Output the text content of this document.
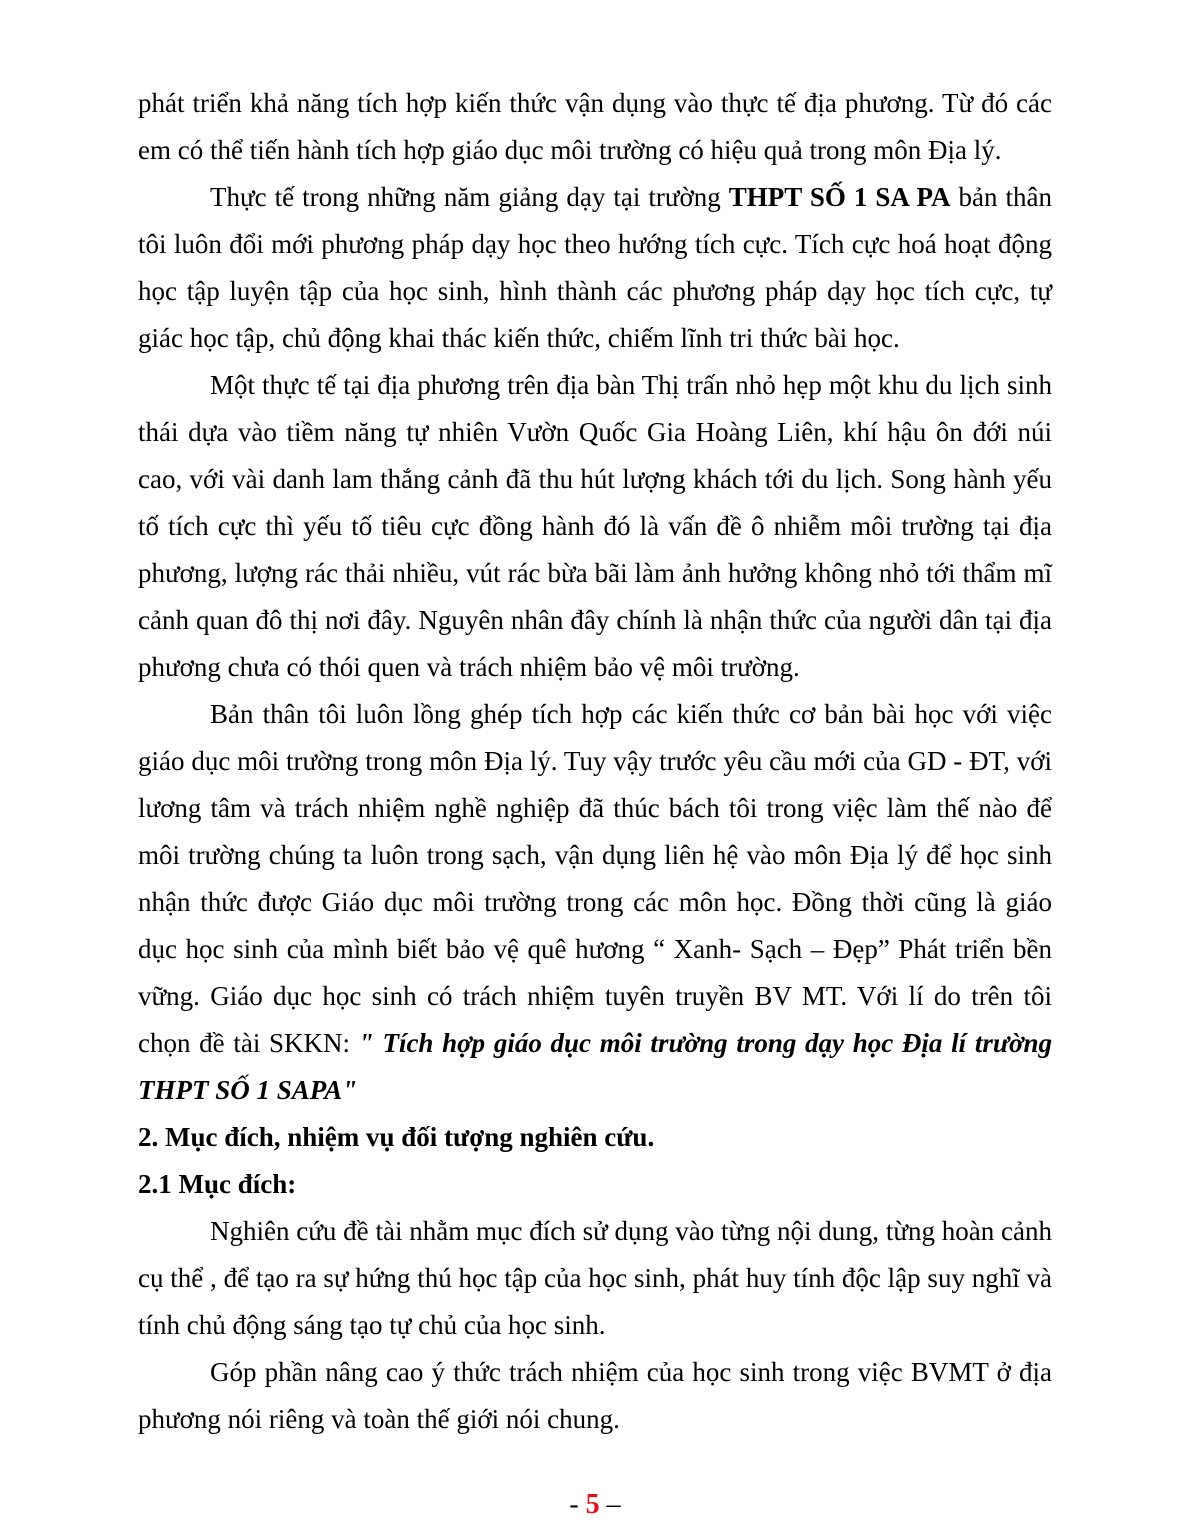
phát triển khả năng tích hợp kiến thức vận dụng vào thực tế địa phương. Từ đó các em có thể tiến hành tích hợp giáo dục môi trường có hiệu quả trong môn Địa lý.

Thực tế trong những năm giảng dạy tại trường THPT SỐ 1 SA PA bản thân tôi luôn đổi mới phương pháp dạy học theo hướng tích cực. Tích cực hoá hoạt động học tập luyện tập của học sinh, hình thành các phương pháp dạy học tích cực, tự giác học tập, chủ động khai thác kiến thức, chiếm lĩnh tri thức bài học.

Một thực tế tại địa phương trên địa bàn Thị trấn nhỏ hẹp một khu du lịch sinh thái dựa vào tiềm năng tự nhiên Vườn Quốc Gia Hoàng Liên, khí hậu ôn đới núi cao, với vài danh lam thắng cảnh đã thu hút lượng khách tới du lịch. Song hành yếu tố tích cực thì yếu tố tiêu cực đồng hành đó là vấn đề ô nhiễm môi trường tại địa phương, lượng rác thải nhiều, vút rác bừa bãi làm ảnh hưởng không nhỏ tới thẩm mĩ cảnh quan đô thị nơi đây. Nguyên nhân đây chính là nhận thức của người dân tại địa phương chưa có thói quen và trách nhiệm bảo vệ môi trường.

Bản thân tôi luôn lồng ghép tích hợp các kiến thức cơ bản bài học với việc giáo dục môi trường trong môn Địa lý. Tuy vậy trước yêu cầu mới của GD - ĐT, với lương tâm và trách nhiệm nghề nghiệp đã thúc bách tôi trong việc làm thế nào để môi trường chúng ta luôn trong sạch, vận dụng liên hệ vào môn Địa lý để học sinh nhận thức được Giáo dục môi trường trong các môn học. Đồng thời cũng là giáo dục học sinh của mình biết bảo vệ quê hương “ Xanh- Sạch – Đẹp” Phát triển bền vững. Giáo dục học sinh có trách nhiệm tuyên truyền BV MT. Với lí do trên tôi chọn đề tài SKKN: " Tích hợp giáo dục môi trường trong dạy học Địa lí trường THPT SỐ 1 SAPA"

2. Mục đích, nhiệm vụ đối tượng nghiên cứu.

2.1 Mục đích:

Nghiên cứu đề tài nhằm mục đích sử dụng vào từng nội dung, từng hoàn cảnh cụ thể , để tạo ra sự hứng thú học tập của học sinh, phát huy tính độc lập suy nghĩ và tính chủ động sáng tạo tự chủ của học sinh.

Góp phần nâng cao ý thức trách nhiệm của học sinh trong việc BVMT ở địa phương nói riêng và toàn thế giới nói chung.

- 5 –
